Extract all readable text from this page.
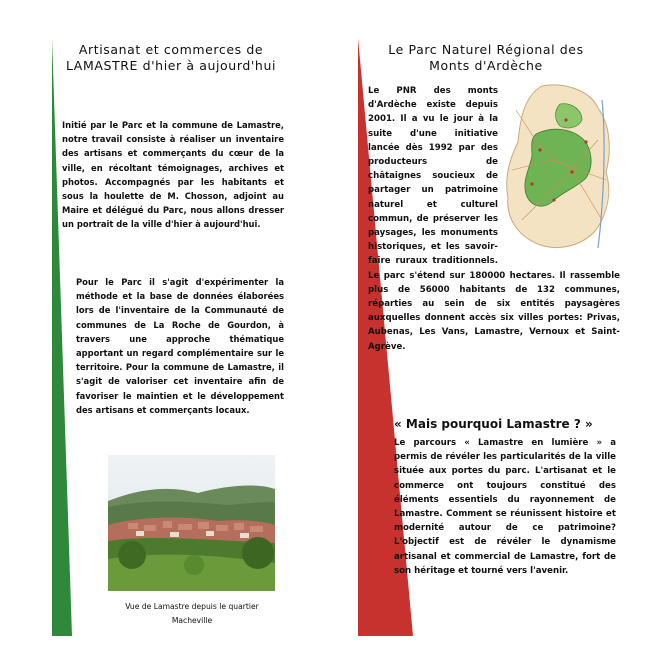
Artisanat et commerces de LAMASTRE d'hier à aujourd'hui

Initié par le Parc et la commune de Lamastre, notre travail consiste à réaliser un inventaire des artisans et commerçants du cœur de la ville, en récoltant témoignages, archives et photos. Accompagnés par les habitants et sous la houlette de M. Chosson, adjoint au Maire et délégué du Parc, nous allons dresser un portrait de la ville d'hier à aujourd'hui.

Pour le Parc il s'agit d'expérimenter la méthode et la base de données élaborées lors de l'inventaire de la Communauté de communes de La Roche de Gourdon, à travers une approche thématique apportant un regard complémentaire sur le territoire. Pour la commune de Lamastre, il s'agit de valoriser cet inventaire afin de favoriser le maintien et le développement des artisans et commerçants locaux.

Vue de Lamastre depuis le quartier Macheville
Le Parc Naturel Régional des Monts d'Ardèche

Le PNR des monts d'Ardèche existe depuis 2001. Il a vu le jour à la suite d'une initiative lancée dès 1992 par des producteurs de châtaignes soucieux de partager un patrimoine naturel et culturel commun, de préserver les paysages, les monuments historiques, et les savoir-faire ruraux traditionnels. Le parc s'étend sur 180000 hectares. Il rassemble plus de 56000 habitants de 132 communes, réparties au sein de six entités paysagères auxquelles donnent accès six villes portes: Privas, Aubenas, Les Vans, Lamastre, Vernoux et Saint-Agrève.

« Mais pourquoi Lamastre ? »

Le parcours « Lamastre en lumière » a permis de révéler les particularités de la ville située aux portes du parc. L'artisanat et le commerce ont toujours constitué des éléments essentiels du rayonnement de Lamastre. Comment se réunissent histoire et modernité autour de ce patrimoine? L'objectif est de révéler le dynamisme artisanal et commercial de Lamastre, fort de son héritage et tourné vers l'avenir.
